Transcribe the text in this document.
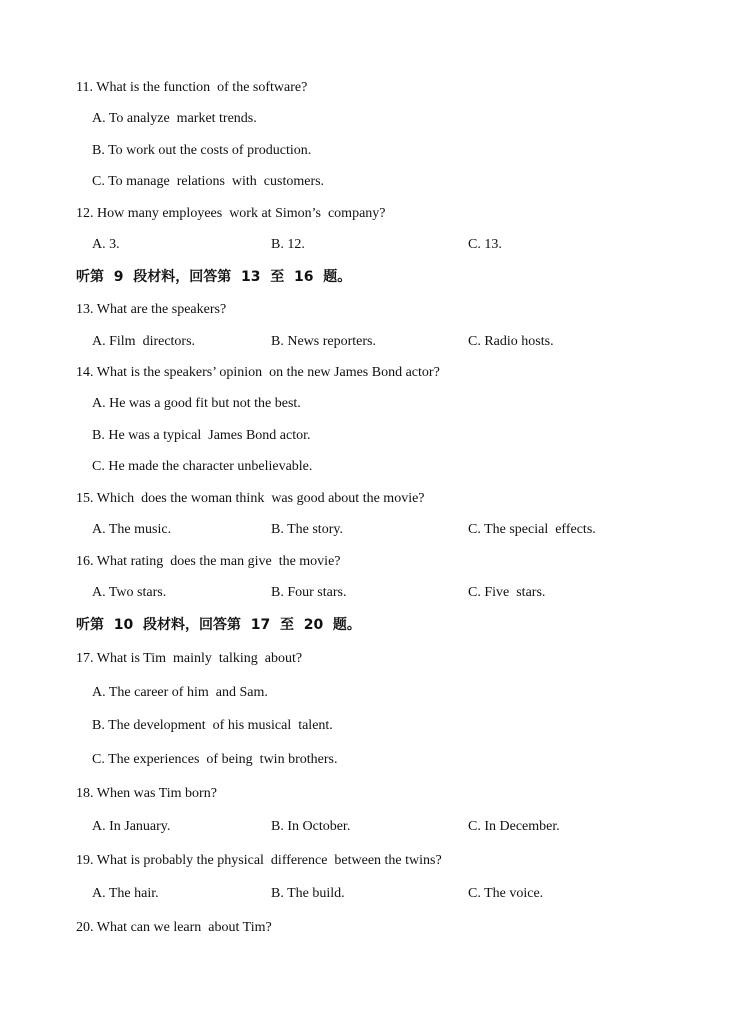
11. What is the function  of the software?
A. To analyze  market trends.
B. To work out the costs of production.
C. To manage  relations  with  customers.
12. How many employees  work at Simon’s  company?
A. 3.	B. 12.	C. 13.
听第  9  段材料，回答第  13  至  16  题。
13. What are the speakers?
A. Film  directors.	B. News reporters.	C. Radio hosts.
14. What is the speakers’ opinion  on the new James Bond actor?
A. He was a good fit but not the best.
B. He was a typical  James Bond actor.
C. He made the character unbelievable.
15. Which  does the woman think  was good about the movie?
A. The music.	B. The story.	C. The special  effects.
16. What rating  does the man give  the movie?
A. Two stars.	B. Four stars.	C. Five  stars.
听第  10  段材料，回答第  17  至  20  题。
17. What is Tim  mainly  talking  about?
A. The career of him  and Sam.
B. The development  of his musical  talent.
C. The experiences  of being  twin brothers.
18. When was Tim born?
A. In January.	B. In October.	C. In December.
19. What is probably the physical  difference  between the twins?
A. The hair.	B. The build.	C. The voice.
20. What can we learn  about Tim?
